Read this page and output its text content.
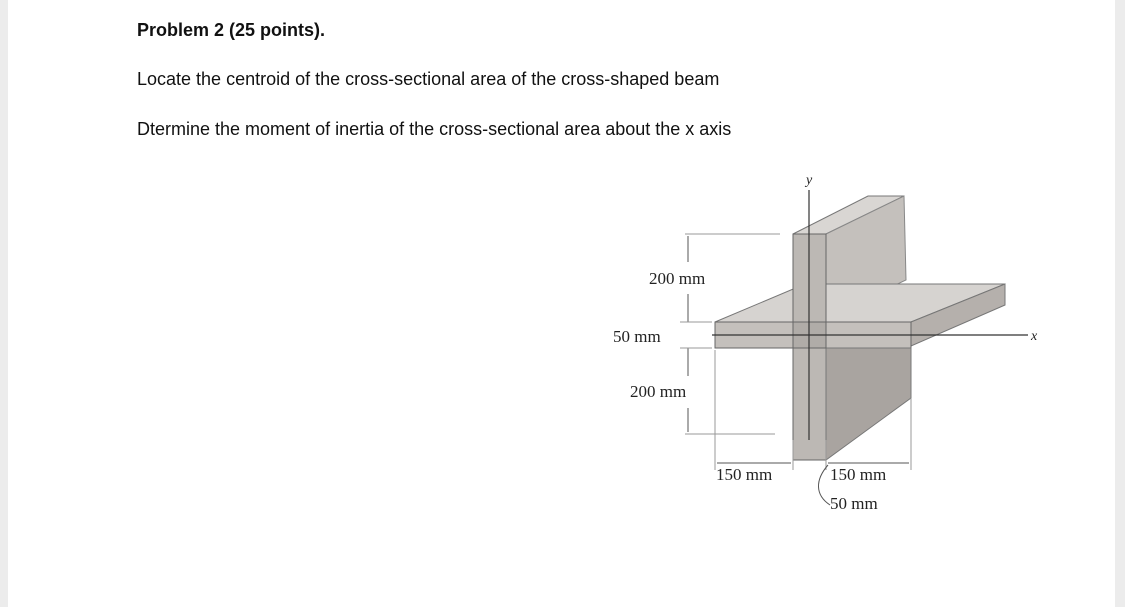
Problem 2 (25 points).
Locate the centroid of the cross-sectional area of the cross-shaped beam
Dtermine the moment of inertia of the cross-sectional area about the x axis
y
x
200 mm
50 mm
200 mm
150 mm	150 mm
50 mm
